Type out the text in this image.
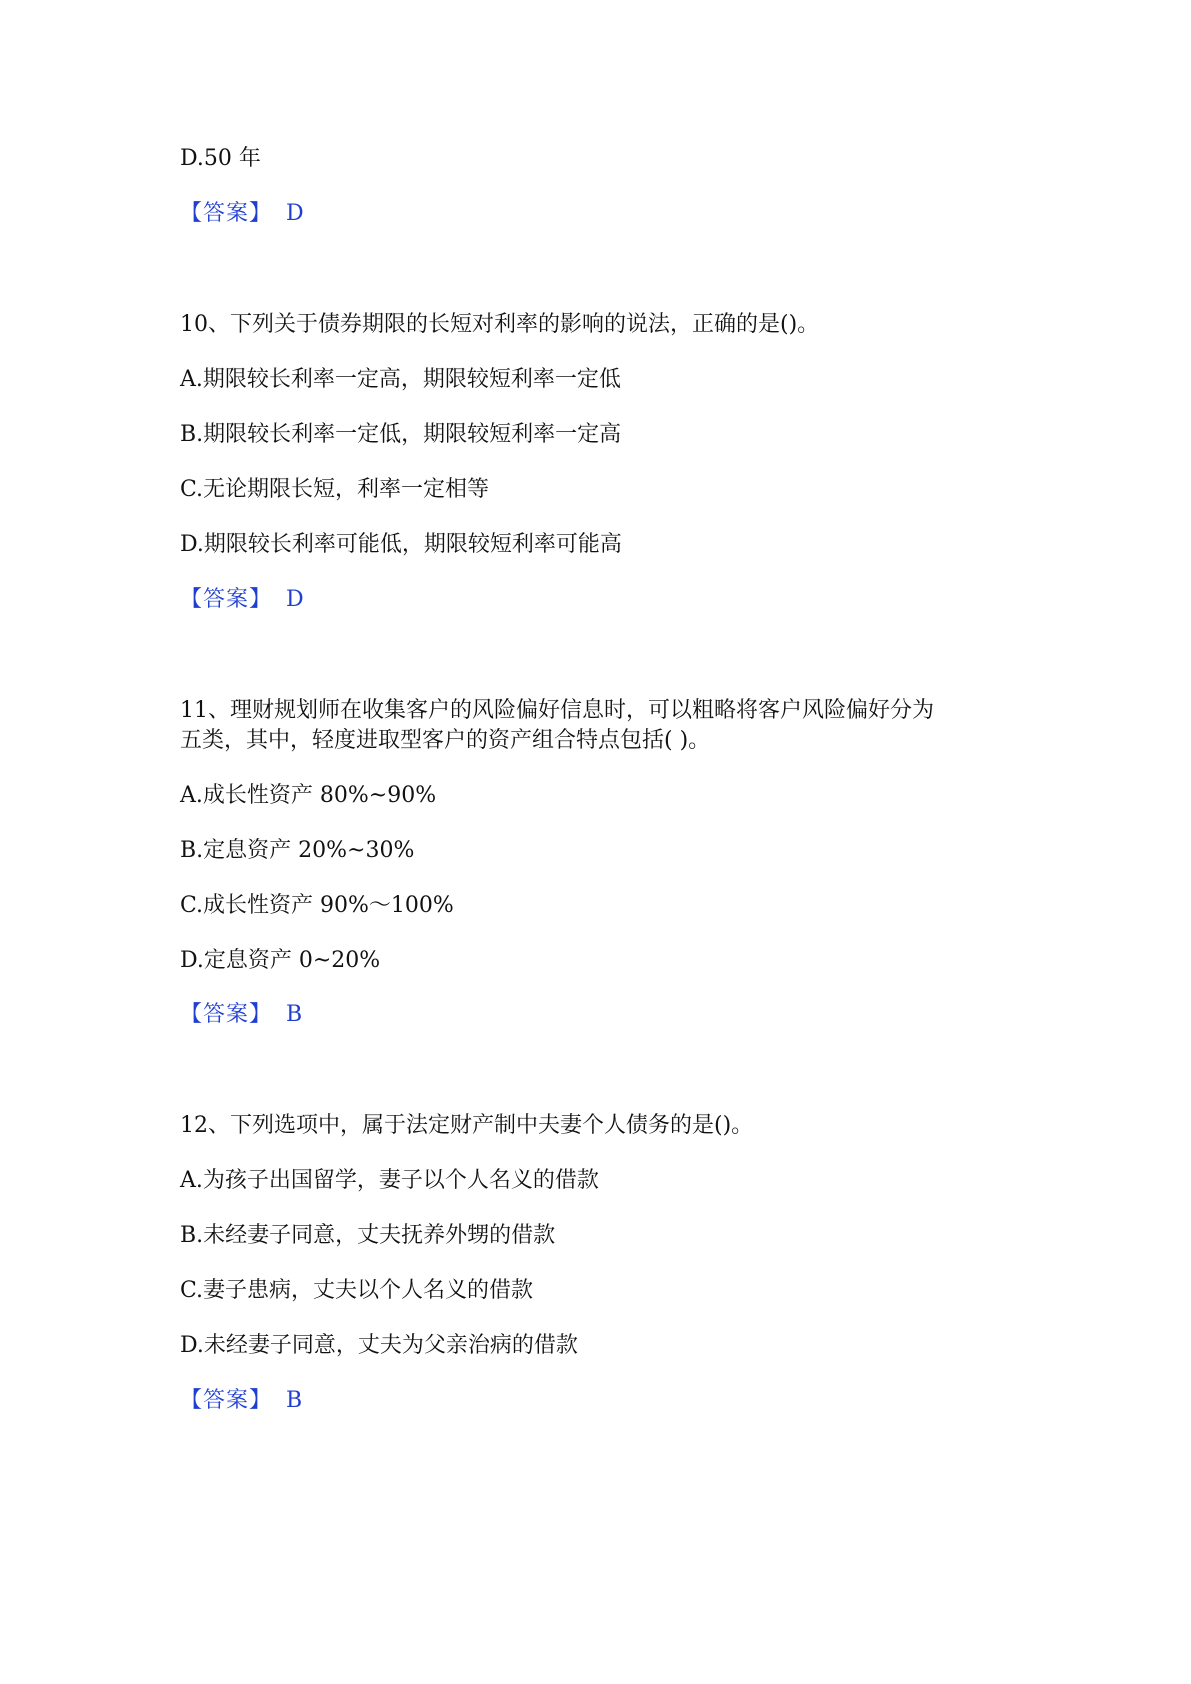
D.50 年
【答案】 D
10、下列关于债券期限的长短对利率的影响的说法，正确的是()。
A.期限较长利率一定高，期限较短利率一定低
B.期限较长利率一定低，期限较短利率一定高
C.无论期限长短，利率一定相等
D.期限较长利率可能低，期限较短利率可能高
【答案】 D
11、理财规划师在收集客户的风险偏好信息时，可以粗略将客户风险偏好分为
五类，其中，轻度进取型客户的资产组合特点包括( )。
A.成长性资产 80%~90%
B.定息资产 20%~30%
C.成长性资产 90%～100%
D.定息资产 0~20%
【答案】 B
12、下列选项中，属于法定财产制中夫妻个人债务的是()。
A.为孩子出国留学，妻子以个人名义的借款
B.未经妻子同意，丈夫抚养外甥的借款
C.妻子患病，丈夫以个人名义的借款
D.未经妻子同意，丈夫为父亲治病的借款
【答案】 B
